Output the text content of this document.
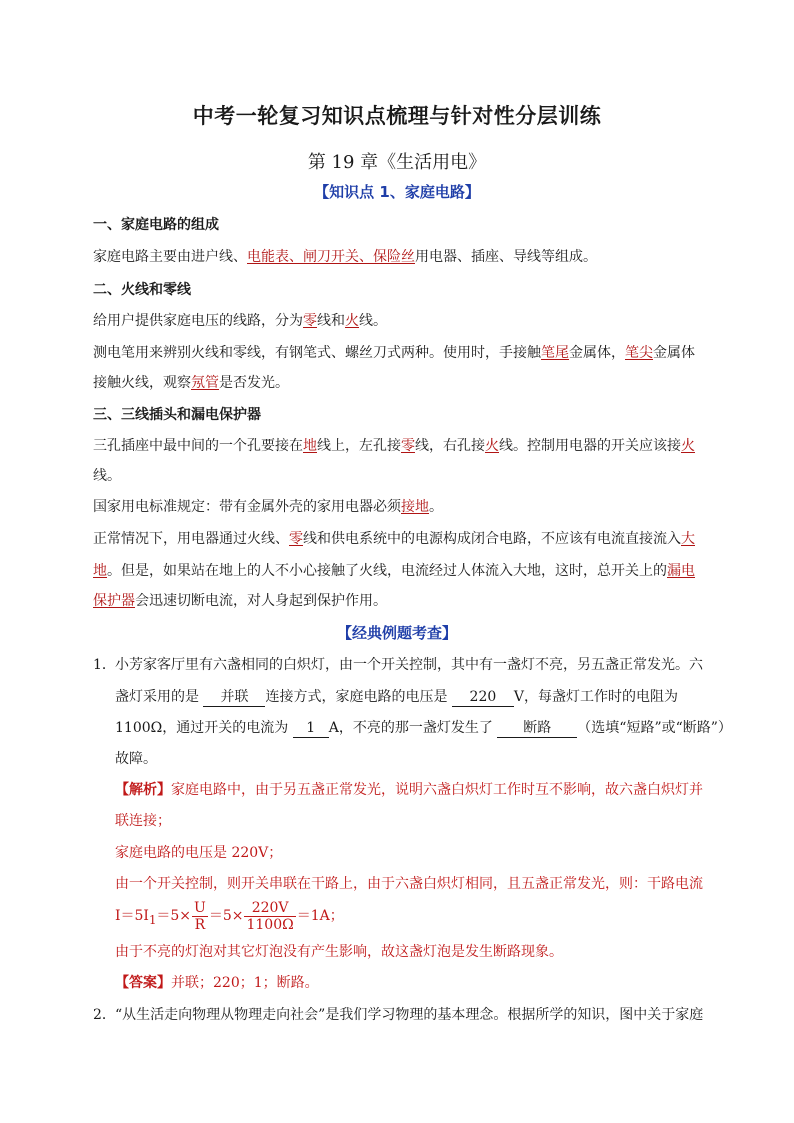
中考一轮复习知识点梳理与针对性分层训练
第 19 章《生活用电》
【知识点 1、家庭电路】
一、家庭电路的组成
家庭电路主要由进户线、电能表、闸刀开关、保险丝用电器、插座、导线等组成。
二、火线和零线
给用户提供家庭电压的线路，分为零线和火线。
测电笔用来辨别火线和零线，有钢笔式、螺丝刀式两种。使用时，手接触笔尾金属体，笔尖金属体
接触火线，观察氖管是否发光。
三、三线插头和漏电保护器
三孔插座中最中间的一个孔要接在地线上，左孔接零线，右孔接火线。控制用电器的开关应该接火
线。
国家用电标准规定：带有金属外壳的家用电器必须接地。
正常情况下，用电器通过火线、零线和供电系统中的电源构成闭合电路，不应该有电流直接流入大
地。但是，如果站在地上的人不小心接触了火线，电流经过人体流入大地，这时，总开关上的漏电
保护器会迅速切断电流，对人身起到保护作用。
【经典例题考查】
1． 小芳家客厅里有六盏相同的白炽灯，由一个开关控制，其中有一盏灯不亮，另五盏正常发光。六
盏灯采用的是 并联 连接方式，家庭电路的电压是 220 V，每盏灯工作时的电阻为
1100Ω，通过开关的电流为 1 A，不亮的那一盏灯发生了 断路 （选填“短路”或“断路”）
故障。
【解析】家庭电路中，由于另五盏正常发光，说明六盏白炽灯工作时互不影响，故六盏白炽灯并
联连接；
家庭电路的电压是 220V；
由一个开关控制，则开关串联在干路上，由于六盏白炽灯相同，且五盏正常发光，则：干路电流
$I=5I_1=5\times \frac{U}{R} =5\times \frac{220V}{1100\Omega} =1A$；
由于不亮的灯泡对其它灯泡没有产生影响，故这盏灯泡是发生断路现象。
【答案】并联；220；1；断路。
2． “从生活走向物理从物理走向社会”是我们学习物理的基本理念。根据所学的知识，图中关于家庭
